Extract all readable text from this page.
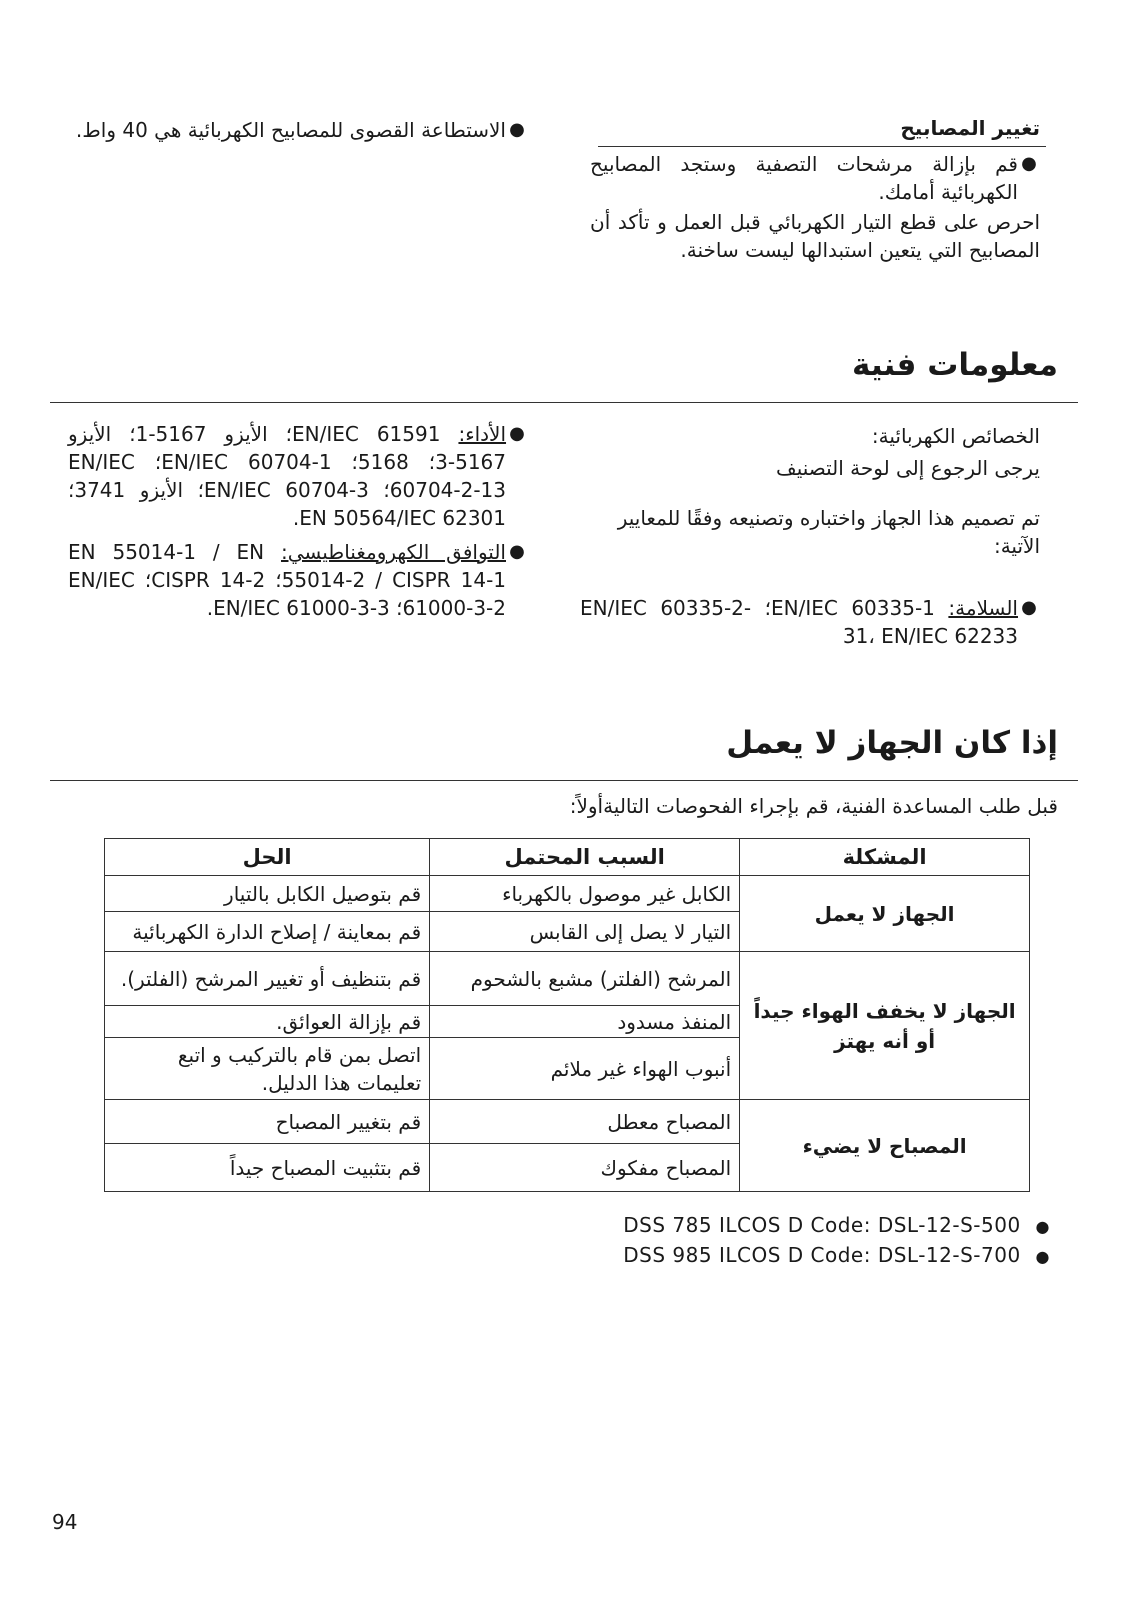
تغيير المصابيح
●
قم بإزالة مرشحات التصفية وستجد المصابيح الكهربائية أمامك.
احرص على قطع التيار الكهربائي قبل العمل و تأكد أن المصابيح التي يتعين استبدالها ليست ساخنة.
●
الاستطاعة القصوى للمصابيح الكهربائية هي 40 واط.
معلومات فنية
الخصائص الكهربائية:
يرجى الرجوع إلى لوحة التصنيف
تم تصميم هذا الجهاز واختباره وتصنيعه وفقًا للمعايير الآتية:
●
السلامة: EN/IEC 60335-1؛ EN/IEC 60335-2-31، EN/IEC 62233
●
الأداء: EN/IEC 61591؛ الأيزو 5167-1؛ الأيزو 5167-3؛ 5168؛ EN/IEC 60704-1؛ EN/IEC 60704-2-13؛ EN/IEC 60704-3؛ الأيزو 3741؛ EN 50564/IEC 62301.
●
التوافق الكهرومغناطيسي: EN 55014-1 / EN 55014-2 / CISPR 14-1؛ CISPR 14-2؛ EN/IEC 61000-3-2؛ EN/IEC 61000-3-3.
إذا كان الجهاز لا يعمل
قبل طلب المساعدة الفنية، قم بإجراء الفحوصات التاليةأولاً:
المشكلة	السبب المحتمل	الحل
الجهاز لا يعمل	الكابل غير موصول بالكهرباء	قم بتوصيل الكابل بالتيار
	التيار لا يصل إلى القابس	قم بمعاينة / إصلاح الدارة الكهربائية
الجهاز لا يخفف الهواء جيداً أو أنه يهتز	المرشح (الفلتر) مشبع بالشحوم	قم بتنظيف أو تغيير المرشح (الفلتر).
	المنفذ مسدود	قم بإزالة العوائق.
	أنبوب الهواء غير ملائم	اتصل بمن قام بالتركيب و اتبع تعليمات هذا الدليل.
المصباح لا يضيء	المصباح معطل	قم بتغيير المصباح
	المصباح مفكوك	قم بتثبيت المصباح جيداً
DSS 785 ILCOS D Code: DSL-12-S-500 ●
DSS 985 ILCOS D Code: DSL-12-S-700 ●
94
